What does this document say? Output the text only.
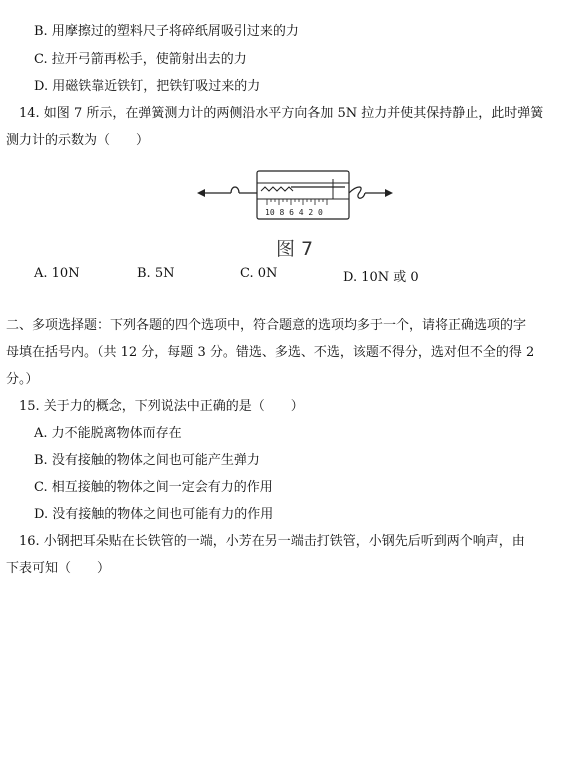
B. 用摩擦过的塑料尺子将碎纸屑吸引过来的力
C. 拉开弓箭再松手，使箭射出去的力
D. 用磁铁靠近铁钉，把铁钉吸过来的力
14. 如图 7 所示，在弹簧测力计的两侧沿水平方向各加 5N 拉力并使其保持静止，此时弹簧
测力计的示数为（　　）
10 8 6 4 2 0
图 7
A. 10N	B. 5N	C. 0N	D. 10N 或 0
二、多项选择题：下列各题的四个选项中，符合题意的选项均多于一个，请将正确选项的字
母填在括号内。（共 12 分，每题 3 分。错选、多选、不选，该题不得分，选对但不全的得 2
分。）
15. 关于力的概念，下列说法中正确的是（　　）
A. 力不能脱离物体而存在
B. 没有接触的物体之间也可能产生弹力
C. 相互接触的物体之间一定会有力的作用
D. 没有接触的物体之间也可能有力的作用
16. 小钢把耳朵贴在长铁管的一端，小芳在另一端击打铁管，小钢先后听到两个响声，由
下表可知（　　）
